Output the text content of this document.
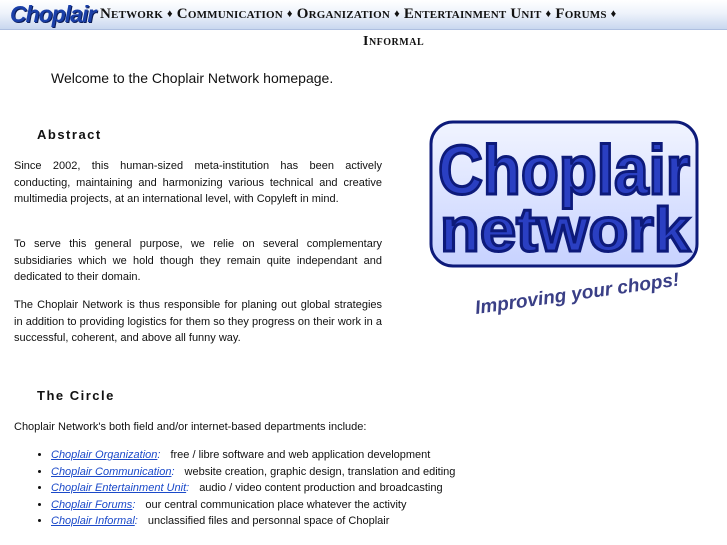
Choplair Network ♦ Communication ♦ Organization ♦ Entertainment Unit ♦ Forums ♦
Informal
Welcome to the Choplair Network homepage.
Abstract

Since 2002, this human-sized meta-institution has been actively conducting, maintaining and harmonizing various technical and creative multimedia projects, at an international level, with Copyleft in mind.

To serve this general purpose, we relie on several complementary subsidiaries which we hold though they remain quite independant and dedicated to their domain.

The Choplair Network is thus responsible for planing out global strategies in addition to providing logistics for them so they progress on their work in a successful, coherent, and above all funny way.

The Circle
Choplair Network's both field and/or internet-based departments include:
• Choplair Organization: free / libre software and web application development
• Choplair Communication: website creation, graphic design, translation and editing
• Choplair Entertainment Unit: audio / video content production and broadcasting
• Choplair Forums: our central communication place whatever the activity
• Choplair Informal: unclassified files and personnal space of Choplair
Choplair
network
Improving your chops!
